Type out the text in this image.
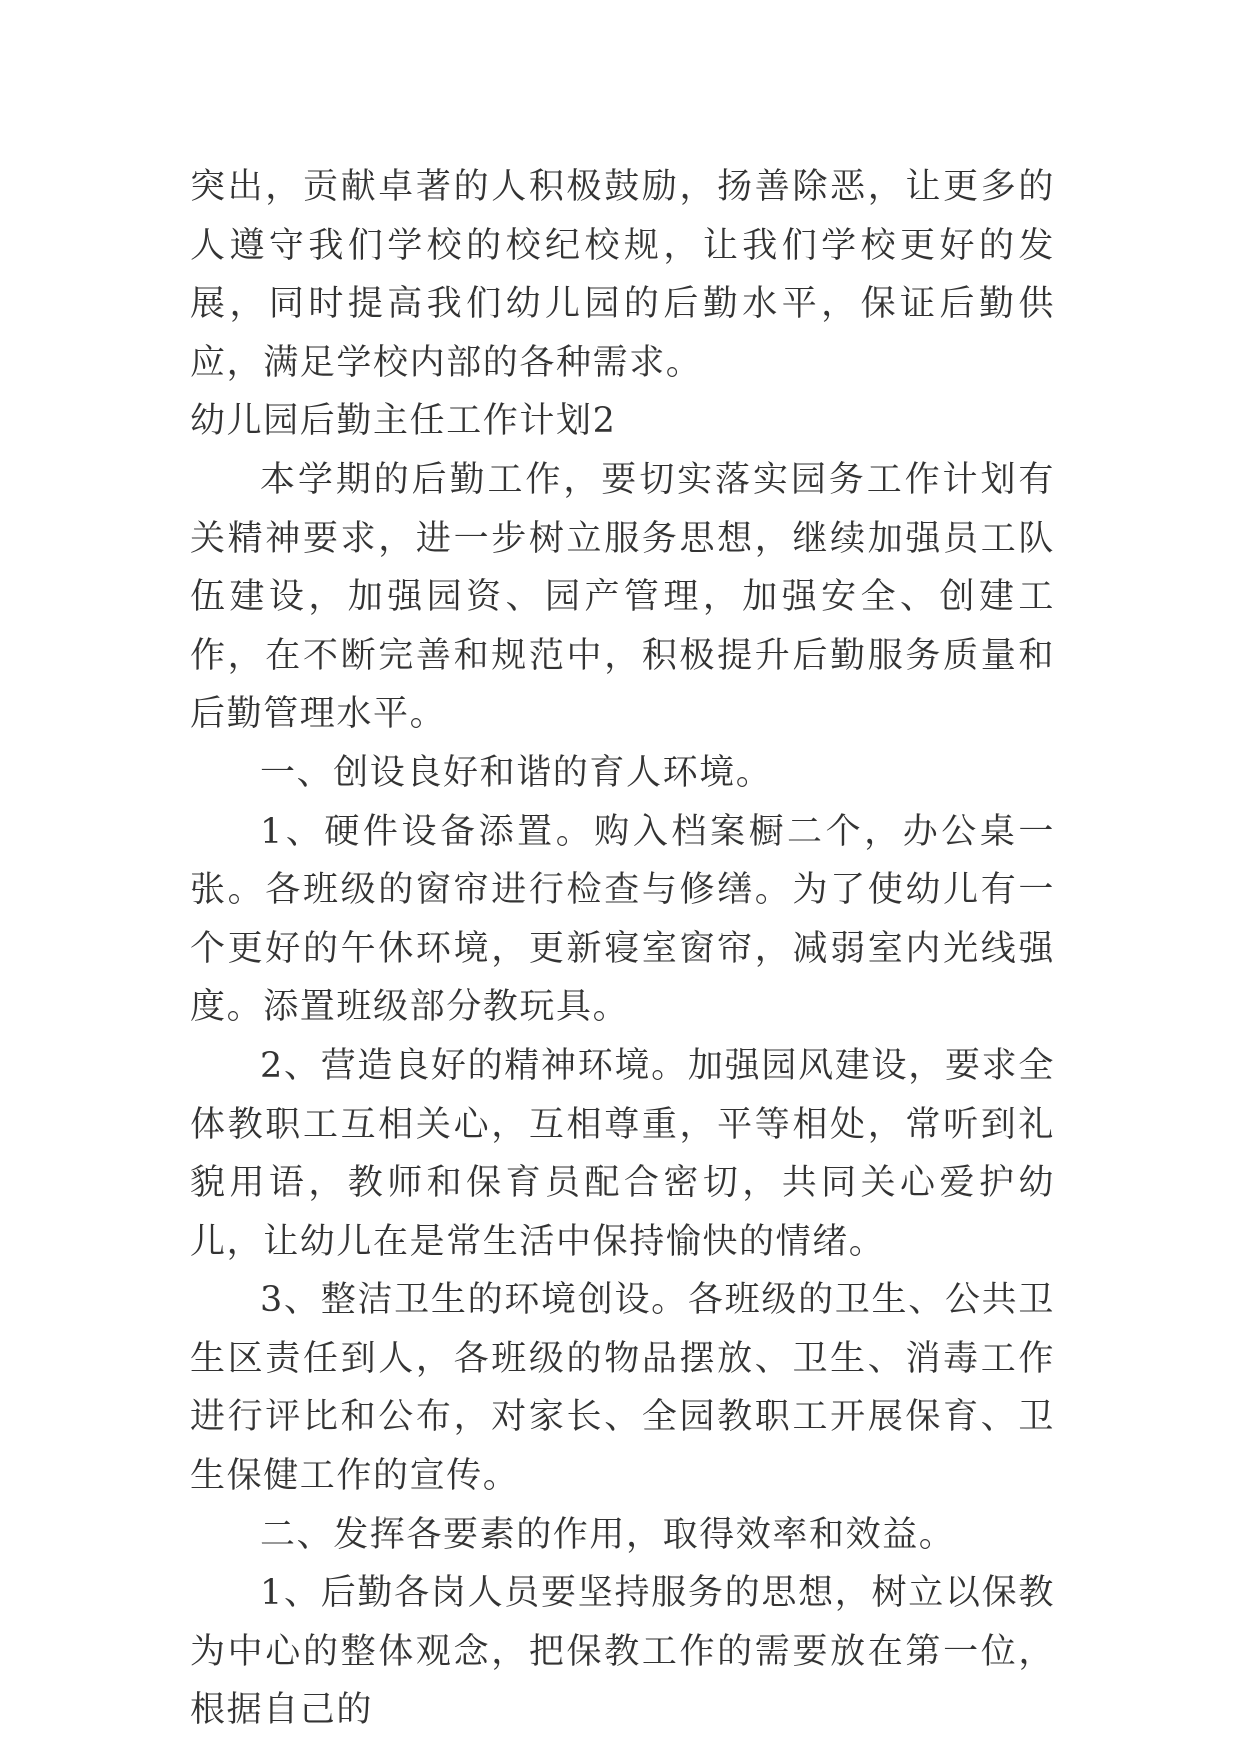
突出，贡献卓著的人积极鼓励，扬善除恶，让更多的人遵守我们学校的校纪校规，让我们学校更好的发展，同时提高我们幼儿园的后勤水平，保证后勤供应，满足学校内部的各种需求。

幼儿园后勤主任工作计划2

本学期的后勤工作，要切实落实园务工作计划有关精神要求，进一步树立服务思想，继续加强员工队伍建设，加强园资、园产管理，加强安全、创建工作，在不断完善和规范中，积极提升后勤服务质量和后勤管理水平。

一、创设良好和谐的育人环境。

1、硬件设备添置。购入档案橱二个，办公桌一张。各班级的窗帘进行检查与修缮。为了使幼儿有一个更好的午休环境，更新寝室窗帘，减弱室内光线强度。添置班级部分教玩具。

2、营造良好的精神环境。加强园风建设，要求全体教职工互相关心，互相尊重，平等相处，常听到礼貌用语，教师和保育员配合密切，共同关心爱护幼儿，让幼儿在是常生活中保持愉快的情绪。

3、整洁卫生的环境创设。各班级的卫生、公共卫生区责任到人，各班级的物品摆放、卫生、消毒工作进行评比和公布，对家长、全园教职工开展保育、卫生保健工作的宣传。

二、发挥各要素的作用，取得效率和效益。

1、后勤各岗人员要坚持服务的思想，树立以保教为中心的整体观念，把保教工作的需要放在第一位，根据自己的
